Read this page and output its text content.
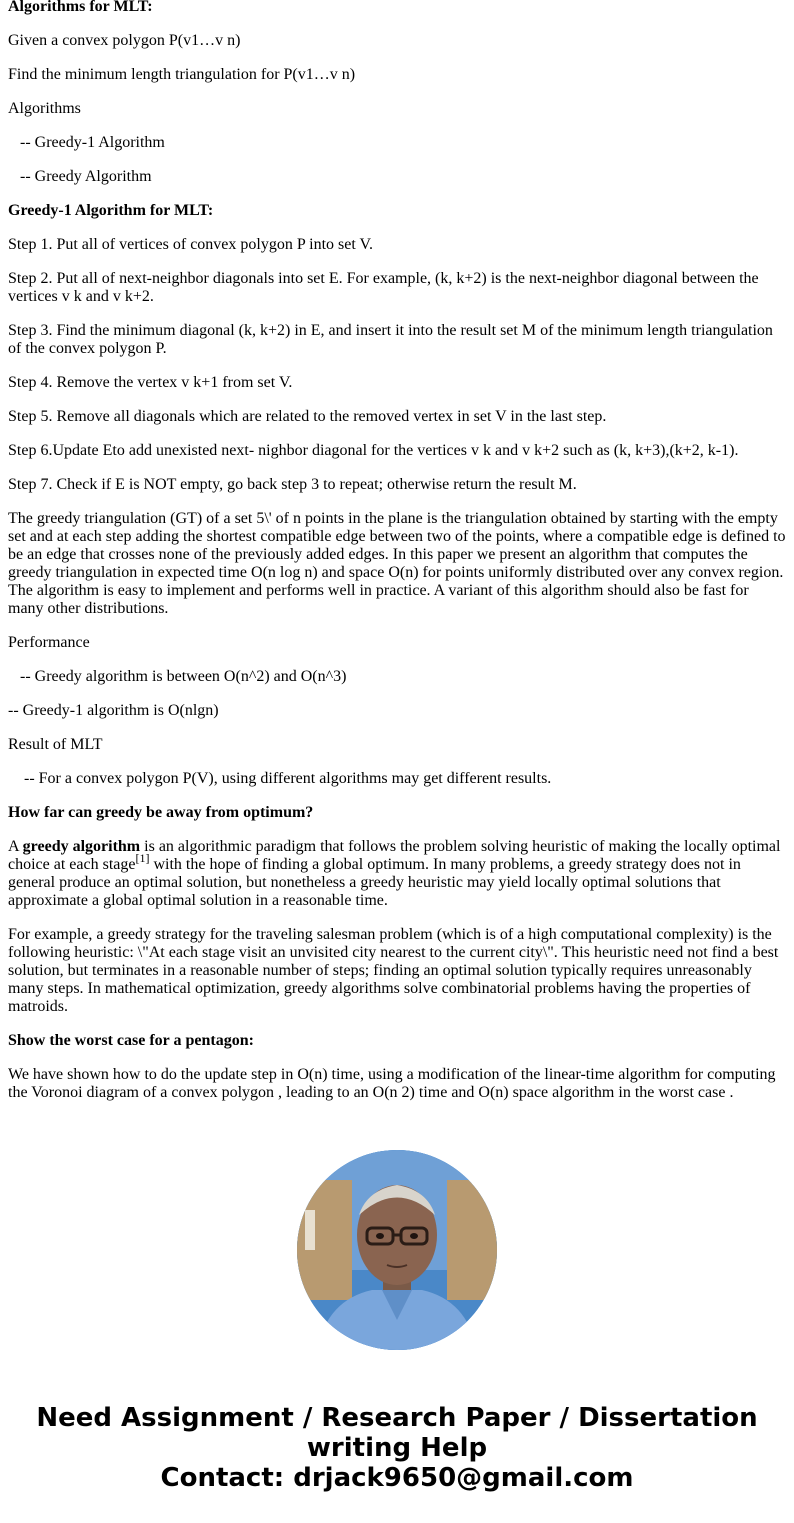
Algorithms for MLT:

Given a convex polygon P(v1…v n)

Find the minimum length triangulation for P(v1…v n)

Algorithms

-- Greedy-1 Algorithm

-- Greedy Algorithm

Greedy-1 Algorithm for MLT:

Step 1. Put all of vertices of convex polygon P into set V.

Step 2. Put all of next-neighbor diagonals into set E. For example, (k, k+2) is the next-neighbor diagonal between the vertices v k and v k+2.

Step 3. Find the minimum diagonal (k, k+2) in E, and insert it into the result set M of the minimum length triangulation of the convex polygon P.

Step 4. Remove the vertex v k+1 from set V.

Step 5. Remove all diagonals which are related to the removed vertex in set V in the last step.

Step 6.Update Eto add unexisted next- nighbor diagonal for the vertices v k and v k+2 such as (k, k+3),(k+2, k-1).

Step 7. Check if E is NOT empty, go back step 3 to repeat; otherwise return the result M.

The greedy triangulation (GT) of a set 5\' of n points in the plane is the triangulation obtained by starting with the empty set and at each step adding the shortest compatible edge between two of the points, where a compatible edge is defined to be an edge that crosses none of the previously added edges. In this paper we present an algorithm that computes the greedy triangulation in expected time O(n log n) and space O(n) for points uniformly distributed over any convex region. The algorithm is easy to implement and performs well in practice. A variant of this algorithm should also be fast for many other distributions.

Performance

-- Greedy algorithm is between O(n^2) and O(n^3)

-- Greedy-1 algorithm is O(nlgn)

Result of MLT

-- For a convex polygon P(V), using different algorithms may get different results.

How far can greedy be away from optimum?

A greedy algorithm is an algorithmic paradigm that follows the problem solving heuristic of making the locally optimal choice at each stage[1] with the hope of finding a global optimum. In many problems, a greedy strategy does not in general produce an optimal solution, but nonetheless a greedy heuristic may yield locally optimal solutions that approximate a global optimal solution in a reasonable time.

For example, a greedy strategy for the traveling salesman problem (which is of a high computational complexity) is the following heuristic: \"At each stage visit an unvisited city nearest to the current city\". This heuristic need not find a best solution, but terminates in a reasonable number of steps; finding an optimal solution typically requires unreasonably many steps. In mathematical optimization, greedy algorithms solve combinatorial problems having the properties of matroids.

Show the worst case for a pentagon:

We have shown how to do the update step in O(n) time, using a modification of the linear-time algorithm for computing the Voronoi diagram of a convex polygon , leading to an O(n 2) time and O(n) space algorithm in the worst case .

Need Assignment / Research Paper / Dissertation
writing Help
Contact: drjack9650@gmail.com
